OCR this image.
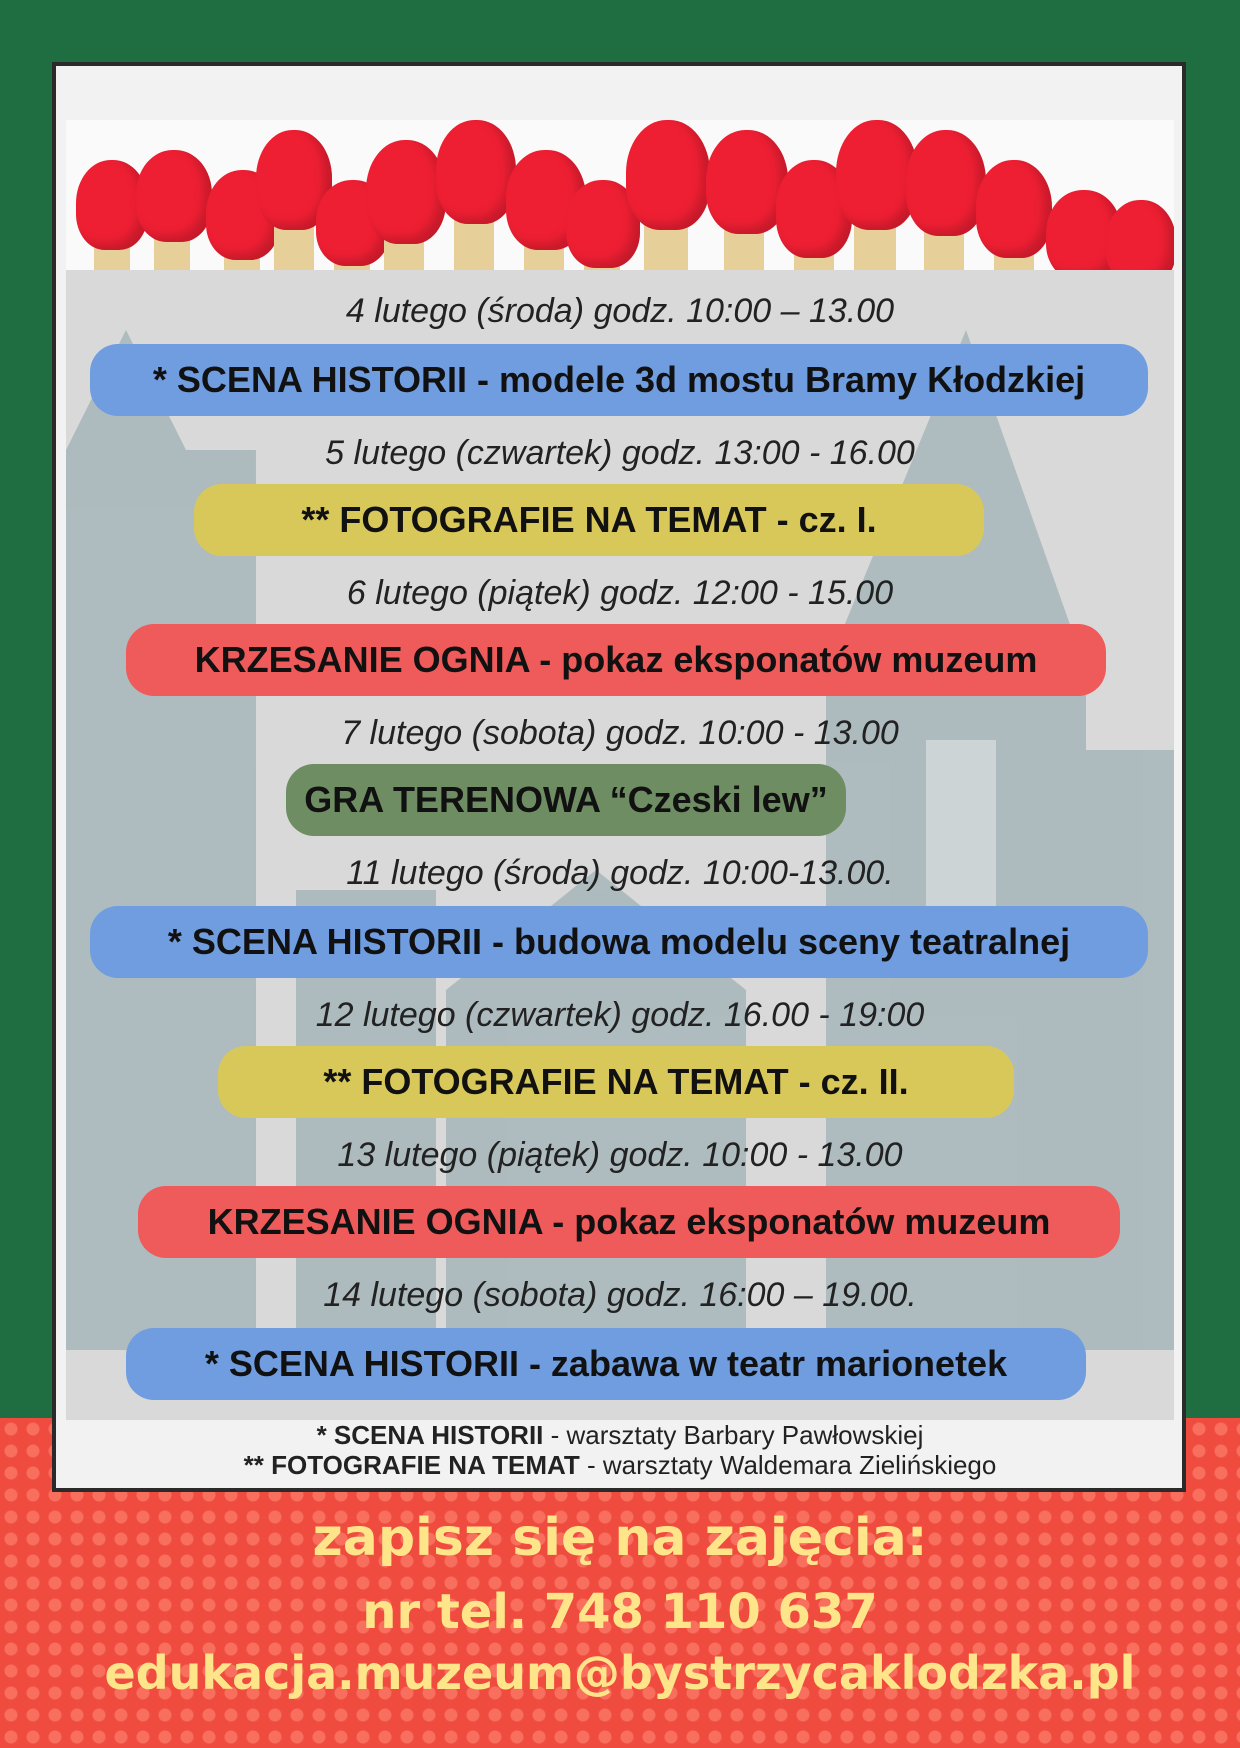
4 lutego (środa) godz. 10:00 – 13.00
* SCENA HISTORII - modele 3d mostu Bramy Kłodzkiej
5 lutego (czwartek) godz. 13:00 - 16.00
** FOTOGRAFIE NA TEMAT - cz. I.
6 lutego (piątek) godz. 12:00 - 15.00
KRZESANIE OGNIA - pokaz eksponatów muzeum
7 lutego (sobota) godz. 10:00 - 13.00
GRA TERENOWA “Czeski lew”
11 lutego (środa) godz. 10:00-13.00.
* SCENA HISTORII - budowa modelu sceny teatralnej
12 lutego (czwartek) godz. 16.00 - 19:00
** FOTOGRAFIE NA TEMAT - cz. II.
13 lutego (piątek) godz. 10:00 - 13.00
KRZESANIE OGNIA - pokaz eksponatów muzeum
14 lutego (sobota) godz. 16:00 – 19.00.
* SCENA HISTORII - zabawa w teatr marionetek
* SCENA HISTORII - warsztaty Barbary Pawłowskiej
** FOTOGRAFIE NA TEMAT - warsztaty Waldemara Zielińskiego
zapisz się na zajęcia:
nr tel. 748 110 637
edukacja.muzeum@bystrzycaklodzka.pl
